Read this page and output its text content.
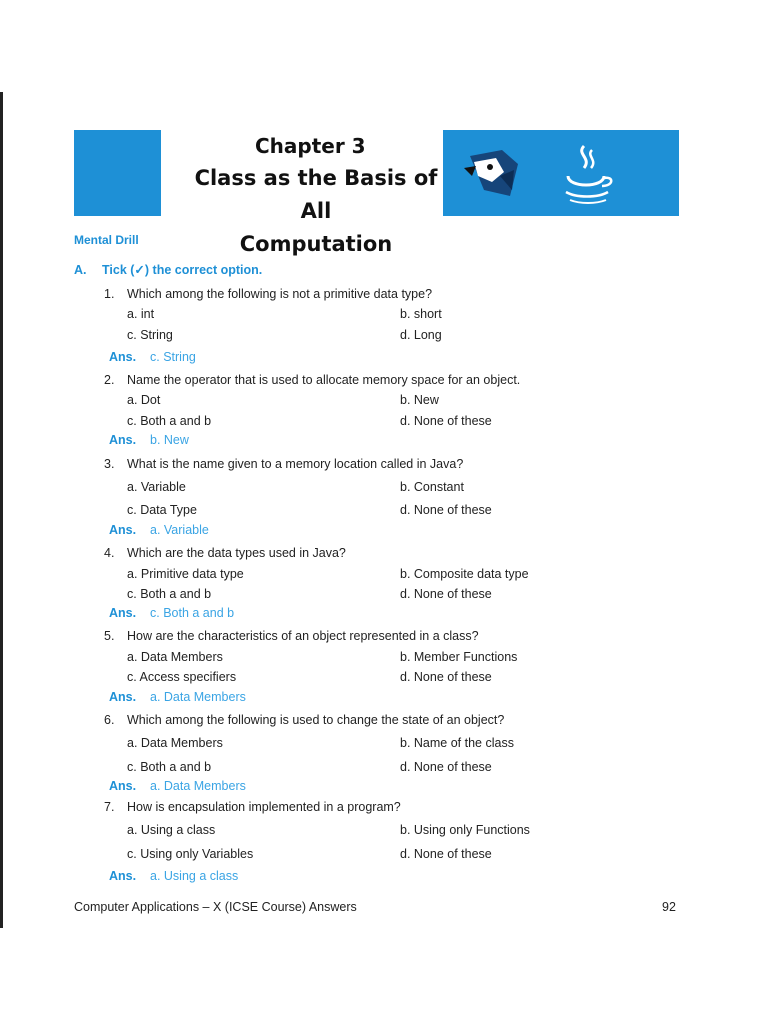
Chapter 3
Class as the Basis of All
Computation
Mental Drill
A. Tick (✓) the correct option.
1. Which among the following is not a primitive data type?
a. int	b. short
c. String	d. Long
Ans. c. String
2. Name the operator that is used to allocate memory space for an object.
a. Dot	b. New
c. Both a and b	d. None of these
Ans. b. New
3. What is the name given to a memory location called in Java?
a. Variable	b. Constant
c. Data Type	d. None of these
Ans. a. Variable
4. Which are the data types used in Java?
a. Primitive data type	b. Composite data type
c. Both a and b	d. None of these
Ans. c. Both a and b
5. How are the characteristics of an object represented in a class?
a. Data Members	b. Member Functions
c. Access specifiers	d. None of these
Ans. a. Data Members
6. Which among the following is used to change the state of an object?
a. Data Members	b. Name of the class
c. Both a and b	d. None of these
Ans. a. Data Members
7. How is encapsulation implemented in a program?
a. Using a class	b. Using only Functions
c. Using only Variables	d. None of these
Ans. a. Using a class
Computer Applications – X (ICSE Course) Answers	92
